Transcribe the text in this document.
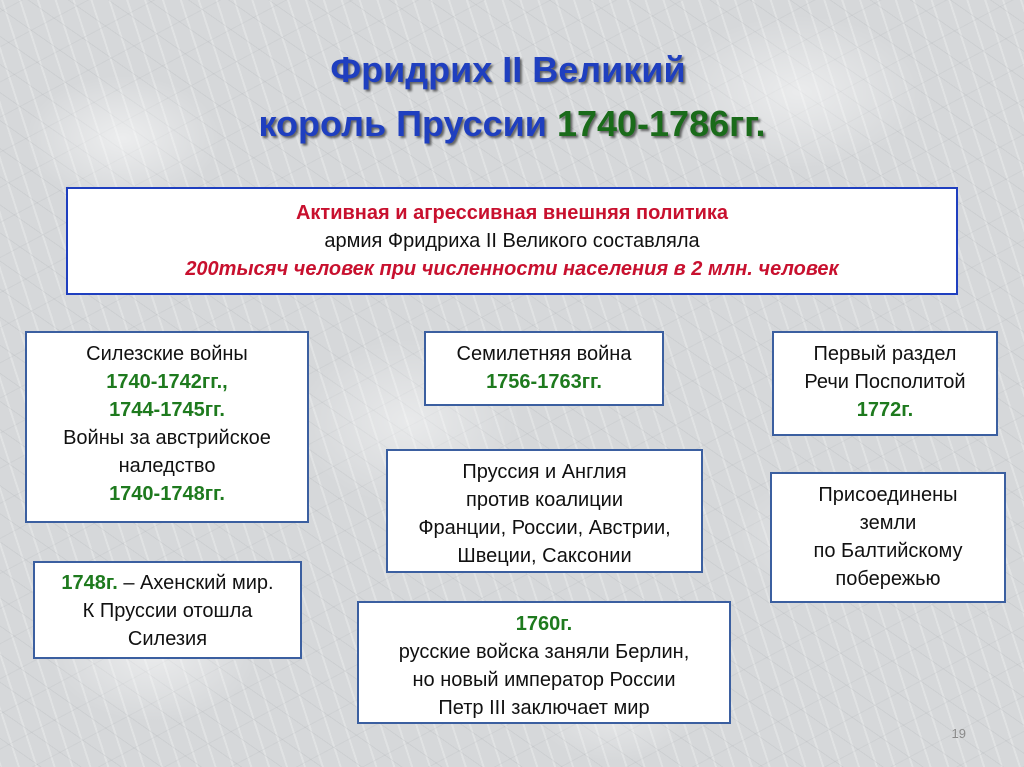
Фридрих II Великий
король Пруссии 1740-1786гг.
Активная и агрессивная внешняя политика
армия Фридриха II Великого составляла
200тысяч человек при численности населения в 2 млн. человек
Силезские войны
1740-1742гг.,
1744-1745гг.
Войны за австрийское
наледство
1740-1748гг.
1748г. – Ахенский мир.
К Пруссии отошла
Силезия
Семилетняя война
1756-1763гг.
Пруссия и Англия
против коалиции
Франции, России, Австрии,
Швеции, Саксонии
1760г.
русские войска заняли Берлин,
но новый император России
Петр III заключает мир
Первый раздел
Речи Посполитой
1772г.
Присоединены
земли
по Балтийскому
побережью
19
